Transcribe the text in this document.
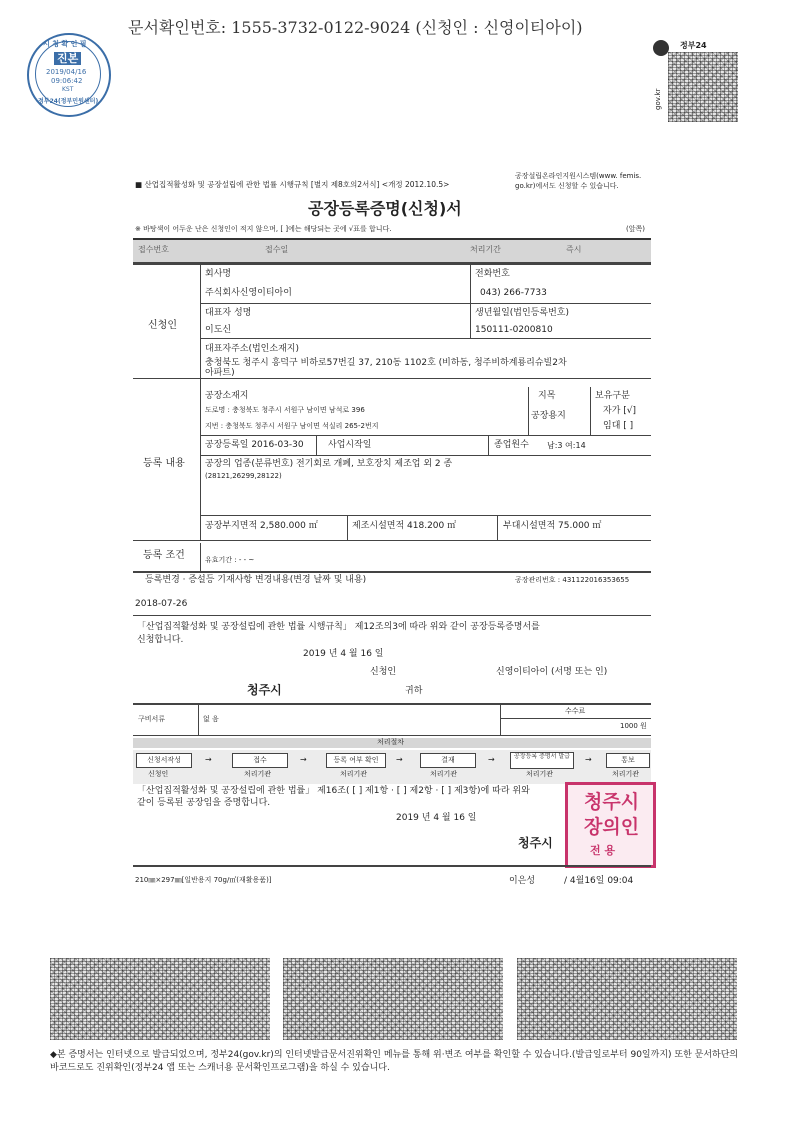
문서확인번호: 1555-3732-0122-9024 (신청인 : 신영이티아이)
시 청 확 인 필
진본
2019/04/16
09:06:42
KST
정부24(정부민원센터)
정부24
gov.kr
■ 산업집적활성화 및 공장설립에 관한 법률 시행규칙 [별지 제8호의2서식] <개정 2012.10.5>
공장설립온라인지원시스템(www. femis.
go.kr)에서도 신청할 수 있습니다.
공장등록증명(신청)서
※ 바탕색이 어두운 난은 신청인이 적지 않으며, [ ]에는 해당되는 곳에 √표를 합니다.	(앞쪽)
접수번호	접수일	처리기간	즉시
신청인
회사명
주식회사신영이티아이
전화번호
043) 266-7733
대표자 성명
이도신
생년월일(법인등록번호)
150111-0200810
대표자주소(법인소재지)
충청북도 청주시 흥덕구 비하로57번길 37, 210동 1102호 (비하동, 청주비하계룡리슈빌2차
아파트)
등록 내용
공장소재지
도로명 : 충청북도 청주시 서원구 남이면 남석로 396
지번 : 충청북도 청주시 서원구 남이면 석실리 265-2번지
지목
공장용지
보유구분
자가 [√]
임대 [ ]
공장등록일 2016-03-30	사업시작일	종업원수 남:3 여:14
공장의 업종(분류번호) 전기회로 개폐, 보호장치 제조업 외 2 종
(28121,26299,28122)
공장부지면적 2,580.000 ㎡	제조시설면적 418.200 ㎡	부대시설면적 75.000 ㎡
등록 조건	유효기간 : - - ~
등록변경 · 증설등 기재사항 변경내용(변경 날짜 및 내용)	공장관리번호 : 431122016353655
2018-07-26
「산업집적활성화 및 공장설립에 관한 법률 시행규칙」 제12조의3에 따라 위와 같이 공장등록증명서를
신청합니다.
2019 년 4 월 16 일
신청인	신영이티아이 (서명 또는 인)
청주시	귀하
구비서류	없 음
수수료
1000 원
처리절차
신청서작성	접수	등록 여부 확인	결재	공장등록 증명서 발급	통보
→	→	→	→	→
신청인	처리기관	처리기관	처리기관	처리기관	처리기관
「산업집적활성화 및 공장설립에 관한 법률」 제16조( [ ] 제1항 · [ ] 제2항 · [ ] 제3항)에 따라 위와
같이 등록된 공장임을 증명합니다.
2019 년 4 월 16 일
청주시
청주시
장의인
전 용
210㎜×297㎜[일반용지 70g/㎡(재활용품)]	이은성	/ 4월16일 09:04
◆본 증명서는 인터넷으로 발급되었으며, 정부24(gov.kr)의 인터넷발급문서진위확인 메뉴를 통해 위·변조 여부를 확인할 수 있습니다.(발급일로부터 90일까지) 또한 문서하단의 바코드로도 진위확인(정부24 앱 또는 스캐너용 문서확인프로그램)을 하실 수 있습니다.
